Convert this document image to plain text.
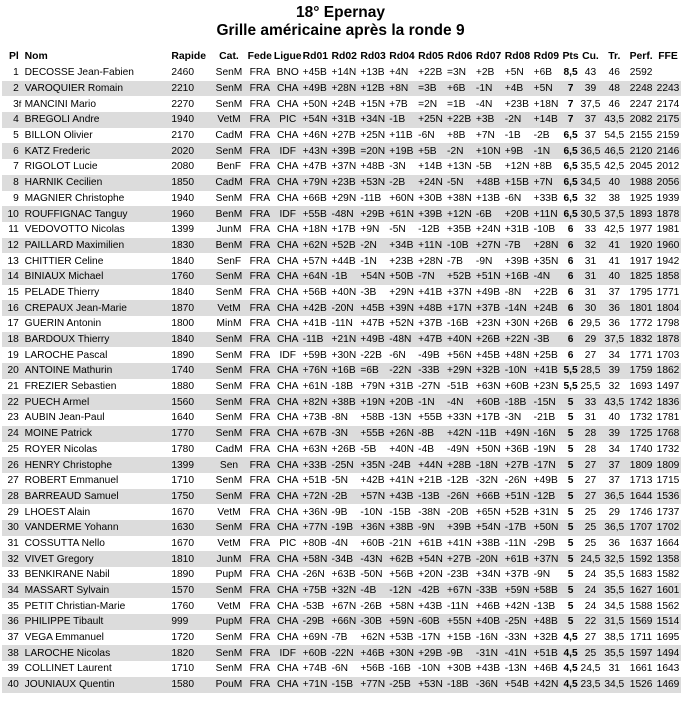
18° Epernay
Grille américaine après la ronde 9
Pl		Nom	Rapide	Cat.	Fede	Ligue	Rd01	Rd02	Rd03	Rd04	Rd05	Rd06	Rd07	Rd08	Rd09	Pts	Cu.	Tr.	Perf.	FFE
1		DECOSSE Jean-Fabien	2460	SenM	FRA	BNO	+45B	+14N	+13B	+4N	+22B	=3N	+2B	+5N	+6B	8,5	43	46	2592	
2		VAROQUIER Romain	2210	SenM	FRA	CHA	+49B	+28N	+12B	+8N	=3B	+6B	-1N	+4B	+5N	7	39	48	2248	2243
3	f	MANCINI Mario	2270	SenM	FRA	CHA	+50N	+24B	+15N	+7B	=2N	=1B	-4N	+23B	+18N	7	37,5	46	2247	2174
4		BREGOLI Andre	1940	VetM	FRA	PIC	+54N	+31B	+34N	-1B	+25N	+22B	+3B	-2N	+14B	7	37	43,5	2082	2175
5		BILLON Olivier	2170	CadM	FRA	CHA	+46N	+27B	+25N	+11B	-6N	+8B	+7N	-1B	-2B	6,5	37	54,5	2155	2159
6		KATZ Frederic	2020	SenM	FRA	IDF	+43N	+39B	=20N	+19B	+5B	-2N	+10N	+9B	-1N	6,5	36,5	46,5	2120	2146
7		RIGOLOT Lucie	2080	BenF	FRA	CHA	+47B	+37N	+48B	-3N	+14B	+13N	-5B	+12N	+8B	6,5	35,5	42,5	2045	2012
8		HARNIK Cecilien	1850	CadM	FRA	CHA	+79N	+23B	+53N	-2B	+24N	-5N	+48B	+15B	+7N	6,5	34,5	40	1988	2056
9		MAGNIER Christophe	1940	SenM	FRA	CHA	+66B	+29N	-11B	+60N	+30B	+38N	+13B	-6N	+33B	6,5	32	38	1925	1939
10		ROUFFIGNAC Tanguy	1960	BenM	FRA	IDF	+55B	-48N	+29B	+61N	+39B	+12N	-6B	+20B	+11N	6,5	30,5	37,5	1893	1878
11		VEDOVOTTO Nicolas	1399	JunM	FRA	CHA	+18N	+17B	+9N	-5N	-12B	+35B	+24N	+31B	-10B	6	33	42,5	1977	1981
12		PAILLARD Maximilien	1830	BenM	FRA	CHA	+62N	+52B	-2N	+34B	+11N	-10B	+27N	-7B	+28N	6	32	41	1920	1960
13		CHITTIER Celine	1840	SenF	FRA	CHA	+57N	+44B	-1N	+23B	+28N	-7B	-9N	+39B	+35N	6	31	41	1917	1942
14		BINIAUX Michael	1760	SenM	FRA	CHA	+64N	-1B	+54N	+50B	-7N	+52B	+51N	+16B	-4N	6	31	40	1825	1858
15		PELADE Thierry	1840	SenM	FRA	CHA	+56B	+40N	-3B	+29N	+41B	+37N	+49B	-8N	+22B	6	31	37	1795	1771
16		CREPAUX Jean-Marie	1870	VetM	FRA	CHA	+42B	-20N	+45B	+39N	+48B	+17N	+37B	-14N	+24B	6	30	36	1801	1804
17		GUERIN Antonin	1800	MinM	FRA	CHA	+41B	-11N	+47B	+52N	+37B	-16B	+23N	+30N	+26B	6	29,5	36	1772	1798
18		BARDOUX Thierry	1840	SenM	FRA	CHA	-11B	+21N	+49B	-48N	+47B	+40N	+26B	+22N	-3B	6	29	37,5	1832	1878
19		LAROCHE Pascal	1890	SenM	FRA	IDF	+59B	+30N	-22B	-6N	-49B	+56N	+45B	+48N	+25B	6	27	34	1771	1703
20		ANTOINE Mathurin	1740	SenM	FRA	CHA	+76N	+16B	=6B	-22N	-33B	+29N	+32B	-10N	+41B	5,5	28,5	39	1759	1862
21		FREZIER Sebastien	1880	SenM	FRA	CHA	+61N	-18B	+79N	+31B	-27N	-51B	+63N	+60B	+23N	5,5	25,5	32	1693	1497
22		PUECH Armel	1560	SenM	FRA	CHA	+82N	+38B	+19N	+20B	-1N	-4N	+60B	-18B	-15N	5	33	43,5	1742	1836
23		AUBIN Jean-Paul	1640	SenM	FRA	CHA	+73B	-8N	+58B	-13N	+55B	+33N	+17B	-3N	-21B	5	31	40	1732	1781
24		MOINE Patrick	1770	SenM	FRA	CHA	+67B	-3N	+55B	+26N	-8B	+42N	-11B	+49N	-16N	5	28	39	1725	1768
25		ROYER Nicolas	1780	CadM	FRA	CHA	+63N	+26B	-5B	+40N	-4B	-49N	+50N	+36B	-19N	5	28	34	1740	1732
26		HENRY Christophe	1399	Sen	FRA	CHA	+33B	-25N	+35N	-24B	+44N	+28B	-18N	+27B	-17N	5	27	37	1809	1809
27		ROBERT Emmanuel	1710	SenM	FRA	CHA	+51B	-5N	+42B	+41N	+21B	-12B	-32N	-26N	+49B	5	27	37	1713	1715
28		BARREAUD Samuel	1750	SenM	FRA	CHA	+72N	-2B	+57N	+43B	-13B	-26N	+66B	+51N	-12B	5	27	36,5	1644	1536
29		LHOEST Alain	1670	VetM	FRA	CHA	+36N	-9B	-10N	-15B	-38N	-20B	+65N	+52B	+31N	5	25	29	1746	1737
30		VANDERME Yohann	1630	SenM	FRA	CHA	+77N	-19B	+36N	+38B	-9N	+39B	+54N	-17B	+50N	5	25	36,5	1707	1702
31		COSSUTTA Nello	1670	VetM	FRA	PIC	+80B	-4N	+60B	-21N	+61B	+41N	+38B	-11N	-29B	5	25	36	1637	1664
32		VIVET Gregory	1810	JunM	FRA	CHA	+58N	-34B	-43N	+62B	+54N	+27B	-20N	+61B	+37N	5	24,5	32,5	1592	1358
33		BENKIRANE Nabil	1890	PupM	FRA	CHA	-26N	+63B	-50N	+56B	+20N	-23B	+34N	+37B	-9N	5	24	35,5	1683	1582
34		MASSART Sylvain	1570	SenM	FRA	CHA	+75B	+32N	-4B	-12N	-42B	+67N	-33B	+59N	+58B	5	24	35,5	1627	1601
35		PETIT Christian-Marie	1760	VetM	FRA	CHA	-53B	+67N	-26B	+58N	+43B	-11N	+46B	+42N	-13B	5	24	34,5	1588	1562
36		PHILIPPE Tibault	999	PupM	FRA	CHA	-29B	+66N	-30B	+59N	-60B	+55N	+40B	-25N	+48B	5	22	31,5	1569	1514
37		VEGA Emmanuel	1720	SenM	FRA	CHA	+69N	-7B	+62N	+53B	-17N	+15B	-16N	-33N	+32B	4,5	27	38,5	1711	1695
38		LAROCHE Nicolas	1820	SenM	FRA	IDF	+60B	-22N	+46B	+30N	+29B	-9B	-31N	-41N	+51B	4,5	25	35,5	1597	1494
39		COLLINET Laurent	1710	SenM	FRA	CHA	+74B	-6N	+56B	-16B	-10N	+30B	+43B	-13N	+46B	4,5	24,5	31	1661	1643
40		JOUNIAUX Quentin	1580	PouM	FRA	CHA	+71N	-15B	+77N	-25B	+53N	-18B	-36N	+54B	+42N	4,5	23,5	34,5	1526	1469
